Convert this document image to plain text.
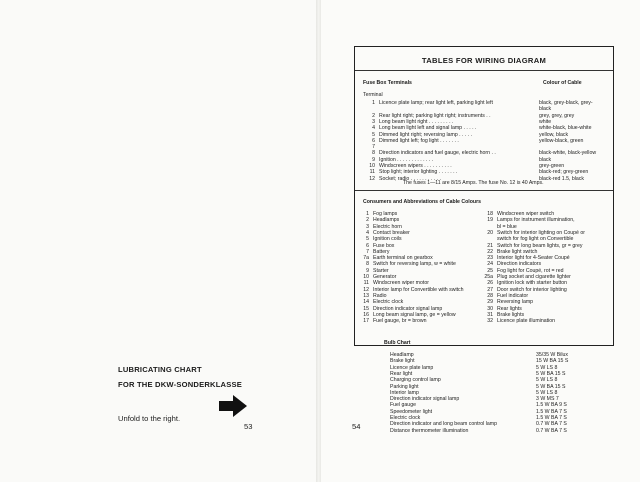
LUBRICATING CHART
FOR THE DKW-SONDERKLASSE
Unfold to the right.
53
TABLES FOR WIRING DIAGRAM
Fuse Box Terminals	Colour of Cable
Terminal
1 Licence plate lamp; rear light left, parking light left	black, grey-black, grey-
black
2 Rear light right; parking light right; instruments . .	grey, grey, grey
3 Long beam light right . . . . . . . . .	white
4 Long beam light left and signal lamp . . . . .	white-black, blue-white
5 Dimmed light right; reversing lamp . . . . .	yellow, black
6 Dimmed light left; fog light . . . . . . .	yellow-black, green
7
8 Direction indicators and fuel gauge, electric horn . .	black-white, black-yellow
9 Ignition . . . . . . . . . . . . .	black
10 Windscreen wipers . . . . . . . . . .	grey-green
11 Stop light; interior lighting . . . . . . .	black-red; grey-green
12 Socket; radio . . . . . . . . . . .	black-red 1.5, black
The fuses 1—11 are 8/15 Amps. The fuse No. 12 is 40 Amps.
Consumers and Abbreviations of Cable Colours
1 Fog lamps	18 Windscreen wiper switch
2 Headlamps	19 Lamps for instrument illumination,
3 Electric horn	bl = blue
4 Contact breaker	20 Switch for interior lighting on Coupé or
5 Ignition coils	switch for fog light on Convertible
6 Fuse box	21 Switch for long beam lights, gr = grey
7 Battery	22 Brake light switch
7a Earth terminal on gearbox	23 Interior light for 4-Seater Coupé
8 Switch for reversing lamp, w = white	24 Direction indicators
9 Starter	25 Fog light for Coupé, rot = red
10 Generator	25a Plug socket and cigarette lighter
11 Windscreen wiper motor	26 Ignition lock with starter button
12 Interior lamp for Convertible with switch	27 Door switch for interior lighting
13 Radio	28 Fuel indicator
14 Electric clock	29 Reversing lamp
15 Direction indicator signal lamp	30 Rear lights
16 Long beam signal lamp, ge = yellow	31 Brake lights
17 Fuel gauge, br = brown	32 Licence plate illumination
Bulb Chart
Headlamp	35/35 W Bilux
Brake light	15 W BA 15 S
Licence plate lamp	5 W LS 8
Rear light	5 W BA 15 S
Charging control lamp	5 W LS 8
Parking light	5 W BA 15 S
Interior lamp	5 W LS 8
Direction indicator signal lamp	3 W MS 7
Fuel gauge	1.5 W BA 9 S
Speedometer light	1.5 W BA 7 S
Electric clock	1.5 W BA 7 S
Direction indicator and long beam control lamp	0.7 W BA 7 S
Distance thermometer illumination	0.7 W BA 7 S
54
